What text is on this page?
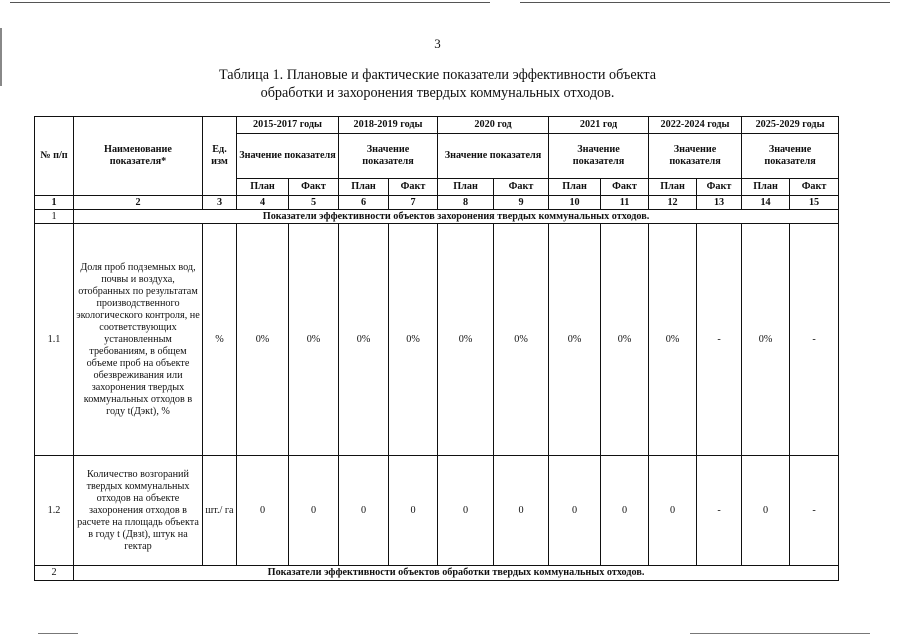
3
Таблица 1. Плановые и фактические показатели эффективности объекта
обработки и захоронения твердых коммунальных отходов.
№ п/п	Наименование показателя*	Ед. изм	2015-2017 годы		2018-2019 годы		2020 год		2021 год		2022-2024 годы		2025-2029 годы	
			Значение показателя		Значение показателя		Значение показателя		Значение показателя		Значение показателя		Значение показателя	
			План	Факт	План	Факт	План	Факт	План	Факт	План	Факт	План	Факт
1	2	3	4	5	6	7	8	9	10	11	12	13	14	15
1	Показатели эффективности объектов захоронения твердых коммунальных отходов.													
1.1	Доля проб подземных вод, почвы и воздуха, отобранных по результатам производственного экологического контроля, не соответствующих установленным требованиям, в общем объеме проб на объекте обезвреживания или захоронения твердых коммунальных отходов в году t(Дэкt), %	%	0%	0%	0%	0%	0%	0%	0%	0%	0%	-	0%	-
1.2	Количество возгораний твердых коммунальных отходов на объекте захоронения отходов в расчете на площадь объекта в году t (Двзt), штук на гектар	шт./ га	0	0	0	0	0	0	0	0	0	-	0	-
2	Показатели эффективности объектов обработки твердых коммунальных отходов.													
